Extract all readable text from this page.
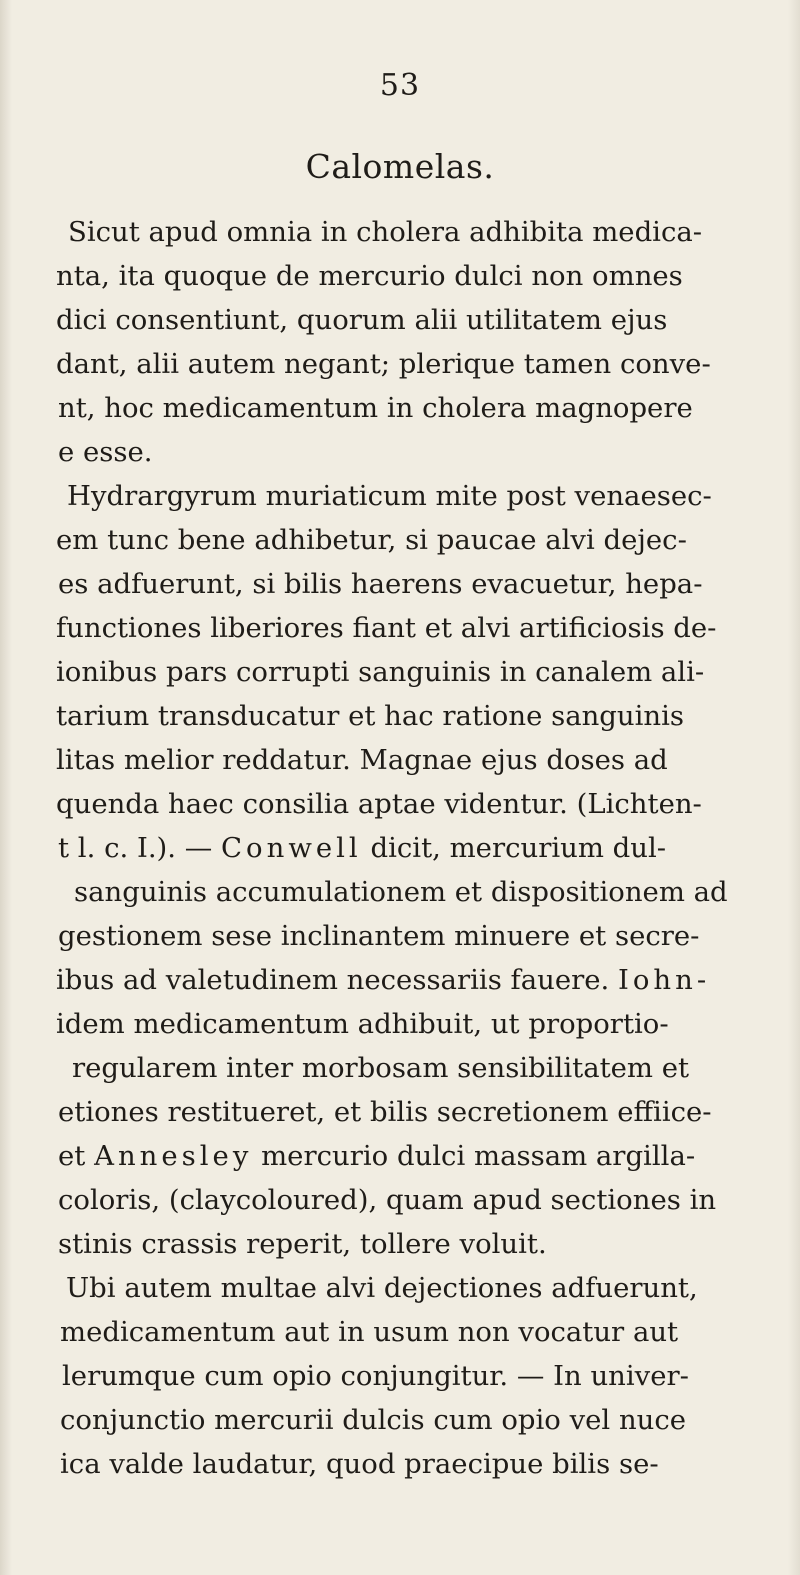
53
Calomelas.
Sicut apud omnia in cholera adhibita medica-
nta, ita quoque de mercurio dulci non omnes
dici consentiunt, quorum alii utilitatem ejus
dant, alii autem negant; plerique tamen conve-
nt, hoc medicamentum in cholera magnopere
e esse.
Hydrargyrum muriaticum mite post venaesec-
em tunc bene adhibetur, si paucae alvi dejec-
es adfuerunt, si bilis haerens evacuetur, hepa-
functiones liberiores fiant et alvi artificiosis de-
ionibus pars corrupti sanguinis in canalem ali-
tarium transducatur et hac ratione sanguinis
litas melior reddatur. Magnae ejus doses ad
quenda haec consilia aptae videntur. (Lichten-
t l. c. I.). — Conwell dicit, mercurium dul-
sanguinis accumulationem et dispositionem ad
gestionem sese inclinantem minuere et secre-
ibus ad valetudinem necessariis fauere. Iohn-
idem medicamentum adhibuit, ut proportio-
regularem inter morbosam sensibilitatem et
etiones restitueret, et bilis secretionem effiice-
et Annesley mercurio dulci massam argilla-
coloris, (claycoloured), quam apud sectiones in
stinis crassis reperit, tollere voluit.
Ubi autem multae alvi dejectiones adfuerunt,
medicamentum aut in usum non vocatur aut
lerumque cum opio conjungitur. — In univer-
conjunctio mercurii dulcis cum opio vel nuce
ica valde laudatur, quod praecipue bilis se-
